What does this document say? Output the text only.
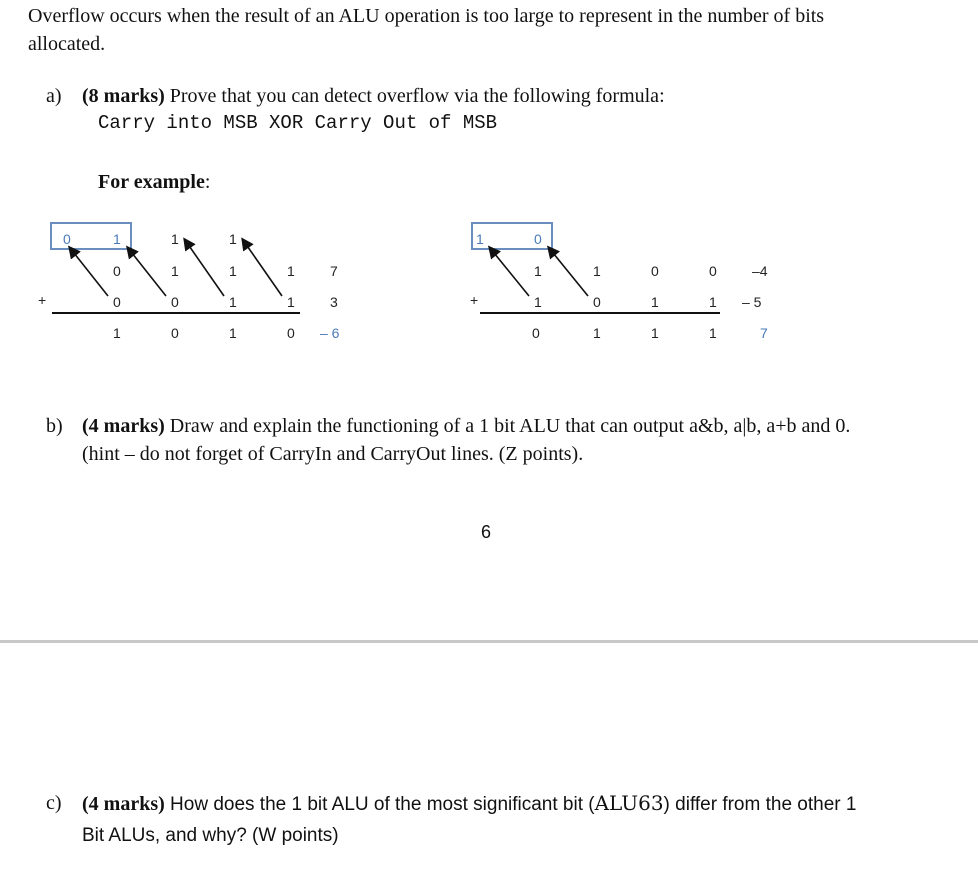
Overflow occurs when the result of an ALU operation is too large to represent in the number of bits
allocated.
a) (8 marks) Prove that you can detect overflow via the following formula:
Carry into MSB XOR Carry Out of MSB
For example:
0	1	1	1
0	1	1	1	7
+	0	0	1	1	3
1	0	1	0 – 6
1	0
1	1	0	0	–4
+	1	0	1	1 – 5
0	1	1	1	7
b) (4 marks) Draw and explain the functioning of a 1 bit ALU that can output a&b, a|b, a+b and 0.
(hint – do not forget of CarryIn and CarryOut lines. (Z points).
6
c) (4 marks) How does the 1 bit ALU of the most significant bit (ALU63) differ from the other 1
Bit ALUs, and why? (W points)
